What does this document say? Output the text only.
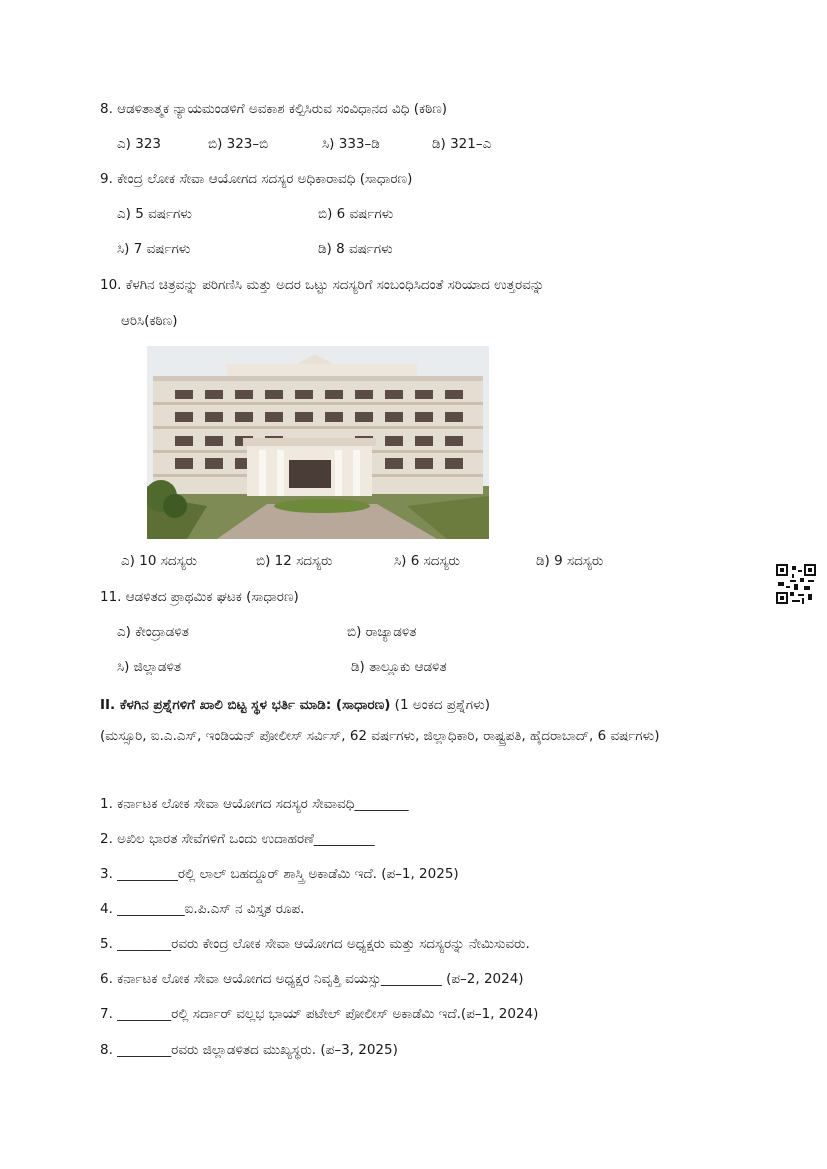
8. ಆಡಳಿತಾತ್ಮಕ ನ್ಯಾಯಮಂಡಳಿಗೆ ಅವಕಾಶ ಕಲ್ಪಿಸಿರುವ ಸಂವಿಧಾನದ ವಿಧಿ (ಕಠಿಣ)
ಎ) 323	ಬಿ) 323–ಬಿ	ಸಿ) 333–ಡಿ	ಡಿ) 321–ಎ
9. ಕೇಂದ್ರ ಲೋಕ ಸೇವಾ ಆಯೋಗದ ಸದಸ್ಯರ ಅಧಿಕಾರಾವಧಿ (ಸಾಧಾರಣ)
ಎ) 5 ವರ್ಷಗಳು	ಬಿ) 6 ವರ್ಷಗಳು
ಸಿ) 7 ವರ್ಷಗಳು	ಡಿ) 8 ವರ್ಷಗಳು
10. ಕೆಳಗಿನ ಚಿತ್ರವನ್ನು ಪರಿಗಣಿಸಿ ಮತ್ತು ಅದರ ಒಟ್ಟು ಸದಸ್ಯರಿಗೆ ಸಂಬಂಧಿಸಿದಂತೆ ಸರಿಯಾದ ಉತ್ತರವನ್ನು
ಆರಿಸಿ(ಕಠಿಣ)
ಎ) 10 ಸದಸ್ಯರು	ಬಿ) 12 ಸದಸ್ಯರು	ಸಿ) 6 ಸದಸ್ಯರು	ಡಿ) 9 ಸದಸ್ಯರು
11. ಆಡಳಿತದ ಪ್ರಾಥಮಿಕ ಘಟಕ (ಸಾಧಾರಣ)
ಎ) ಕೇಂದ್ರಾಡಳಿತ	ಬಿ) ರಾಜ್ಯಾಡಳಿತ
ಸಿ) ಜಿಲ್ಲಾಡಳಿತ	ಡಿ) ತಾಲ್ಲೂಕು ಆಡಳಿತ
II. ಕೆಳಗಿನ ಪ್ರಶ್ನೆಗಳಿಗೆ ಖಾಲಿ ಬಿಟ್ಟ ಸ್ಥಳ ಭರ್ತಿ ಮಾಡಿ: (ಸಾಧಾರಣ) (1 ಅಂಕದ ಪ್ರಶ್ನೆಗಳು)
(ಮಸ್ಸೂರಿ, ಐ.ಎ.ಎಸ್, ಇಂಡಿಯನ್ ಪೋಲೀಸ್ ಸರ್ವಿಸ್, 62 ವರ್ಷಗಳು, ಜಿಲ್ಲಾಧಿಕಾರಿ, ರಾಷ್ಟ್ರಪತಿ, ಹೈದರಾಬಾದ್, 6 ವರ್ಷಗಳು)
1. ಕರ್ನಾಟಕ ಲೋಕ ಸೇವಾ ಆಯೋಗದ ಸದಸ್ಯರ ಸೇವಾವಧಿ________
2. ಅಖಿಲ ಭಾರತ ಸೇವೆಗಳಿಗೆ ಒಂದು ಉದಾಹರಣೆ_________
3. _________ರಲ್ಲಿ ಲಾಲ್ ಬಹದ್ದೂರ್ ಶಾಸ್ತ್ರಿ ಅಕಾಡೆಮಿ ಇದೆ. (ಪ–1, 2025)
4. __________ಐ.ಪಿ.ಎಸ್ ನ ವಿಸ್ತೃತ ರೂಪ.
5. ________ರವರು ಕೇಂದ್ರ ಲೋಕ ಸೇವಾ ಆಯೋಗದ ಅಧ್ಯಕ್ಷರು ಮತ್ತು ಸದಸ್ಯರನ್ನು ನೇಮಿಸುವರು.
6. ಕರ್ನಾಟಕ ಲೋಕ ಸೇವಾ ಆಯೋಗದ ಅಧ್ಯಕ್ಷರ ನಿವೃತ್ತಿ ವಯಸ್ಸು_________ (ಪ–2, 2024)
7. ________ರಲ್ಲಿ ಸರ್ದಾರ್ ವಲ್ಲಭ ಭಾಯ್ ಪಟೇಲ್ ಪೋಲೀಸ್ ಅಕಾಡೆಮಿ ಇದೆ.(ಪ–1, 2024)
8. ________ರವರು ಜಿಲ್ಲಾಡಳಿತದ ಮುಖ್ಯಸ್ಥರು. (ಪ–3, 2025)
